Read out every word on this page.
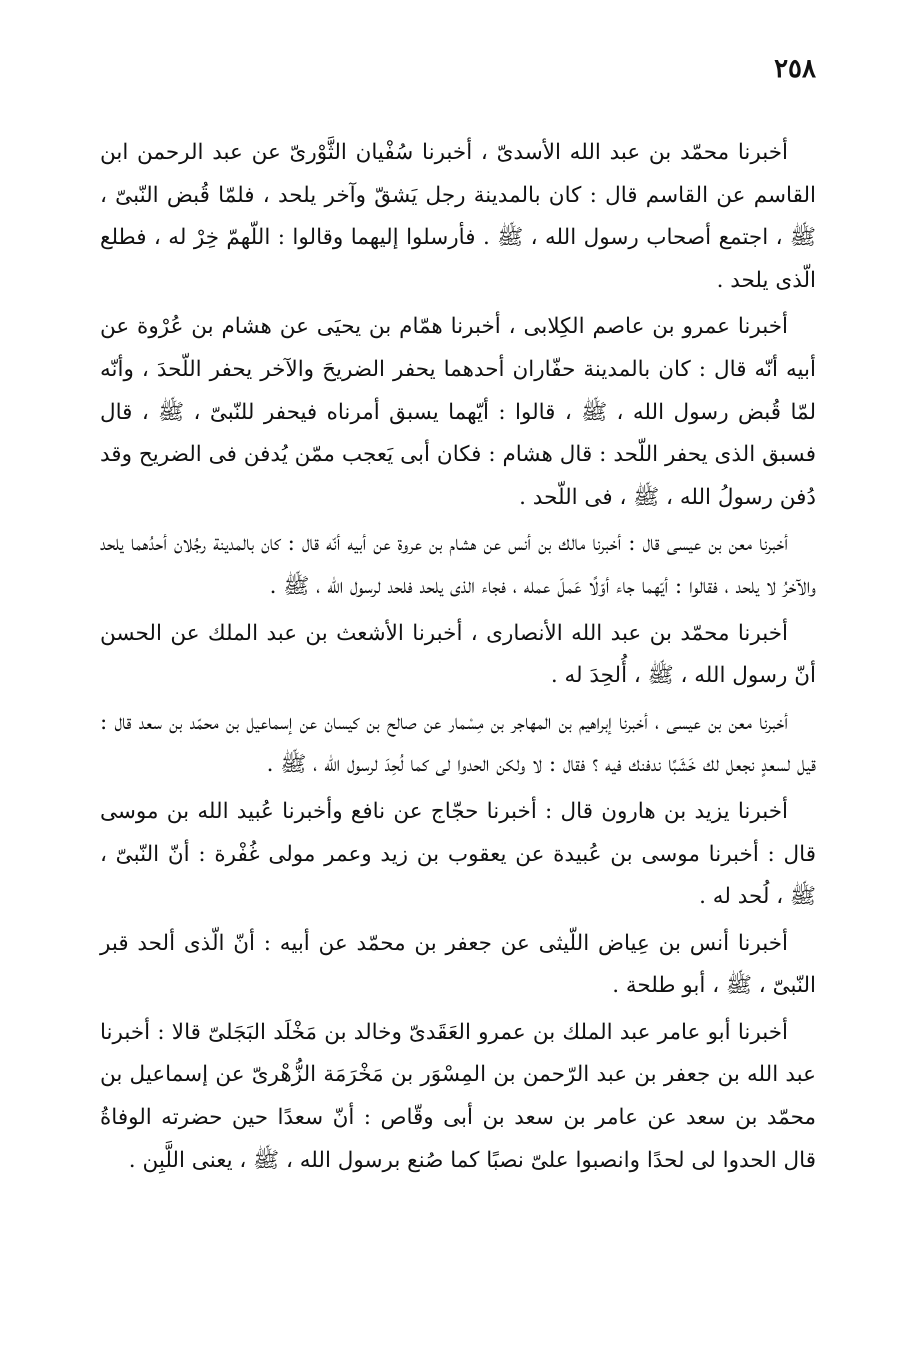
٢٥٨

أخبرنا محمّد بن عبد الله الأسدىّ ، أخبرنا سُفْيان الثَّوْرىّ عن عبد الرحمن ابن القاسم عن القاسم قال : كان بالمدينة رجل يَشقّ وآخر يلحد ، فلمّا قُبض النّبىّ ، ﷺ ، اجتمع أصحاب رسول الله ، ﷺ . فأرسلوا إليهما وقالوا : اللّهمّ خِرْ له ، فطلع الّذى يلحد .

أخبرنا عمرو بن عاصم الكِلابى ، أخبرنا همّام بن يحيَى عن هشام بن عُرْوة عن أبيه أنّه قال : كان بالمدينة حفّاران أحدهما يحفر الضريحَ والآخر يحفر اللّحدَ ، وأنّه لمّا قُبض رسول الله ، ﷺ ، قالوا : أيّهما يسبق أمرناه فيحفر للنّبىّ ، ﷺ ، قال فسبق الذى يحفر اللّحد : قال هشام : فكان أبى يَعجب ممّن يُدفن فى الضريح وقد دُفن رسولُ الله ، ﷺ ، فى اللّحد .

أخبرنا معن بن عيسى قال : أخبرنا مالك بن أنس عن هشام بن عروة عن أبيه أنّه قال : كان بالمدينة رجُلان أحدُهما يلحد والآخرُ لا يلحد ، فقالوا : أيّهما جاء أوّلًا عَملَ عمله ، فجاء الذى يلحد فلحد لرسول الله ، ﷺ .

أخبرنا محمّد بن عبد الله الأنصارى ، أخبرنا الأشعث بن عبد الملك عن الحسن أنّ رسول الله ، ﷺ ، أُلحِدَ له .

أخبرنا معن بن عيسى ، أخبرنا إبراهيم بن المهاجر بن مِسْمار عن صالح بن كيسان عن إسماعيل بن محمّد بن سعد قال : قيل لسعدٍ نجعل لك خَشَبًا ندفنك فيه ؟ فقال : لا ولكن الحدوا لى كما لُحِدَ لرسول الله ، ﷺ .

أخبرنا يزيد بن هارون قال : أخبرنا حجّاج عن نافع وأخبرنا عُبيد الله بن موسى قال : أخبرنا موسى بن عُبيدة عن يعقوب بن زيد وعمر مولى غُفْرة : أنّ النّبىّ ، ﷺ ، لُحد له .

أخبرنا أنس بن عِياض اللّيثى عن جعفر بن محمّد عن أبيه : أنّ الّذى ألحد قبر النّبىّ ، ﷺ ، أبو طلحة .

أخبرنا أبو عامر عبد الملك بن عمرو العَقَدىّ وخالد بن مَخْلَد البَجَلىّ قالا : أخبرنا عبد الله بن جعفر بن عبد الرّحمن بن المِسْوَر بن مَخْرَمَة الزُّهْرىّ عن إسماعيل بن محمّد بن سعد عن عامر بن سعد بن أبى وقّاص : أنّ سعدًا حين حضرته الوفاةُ قال الحدوا لى لحدًا وانصبوا علىّ نصبًا كما صُنع برسول الله ، ﷺ ، يعنى اللَّبِن .
